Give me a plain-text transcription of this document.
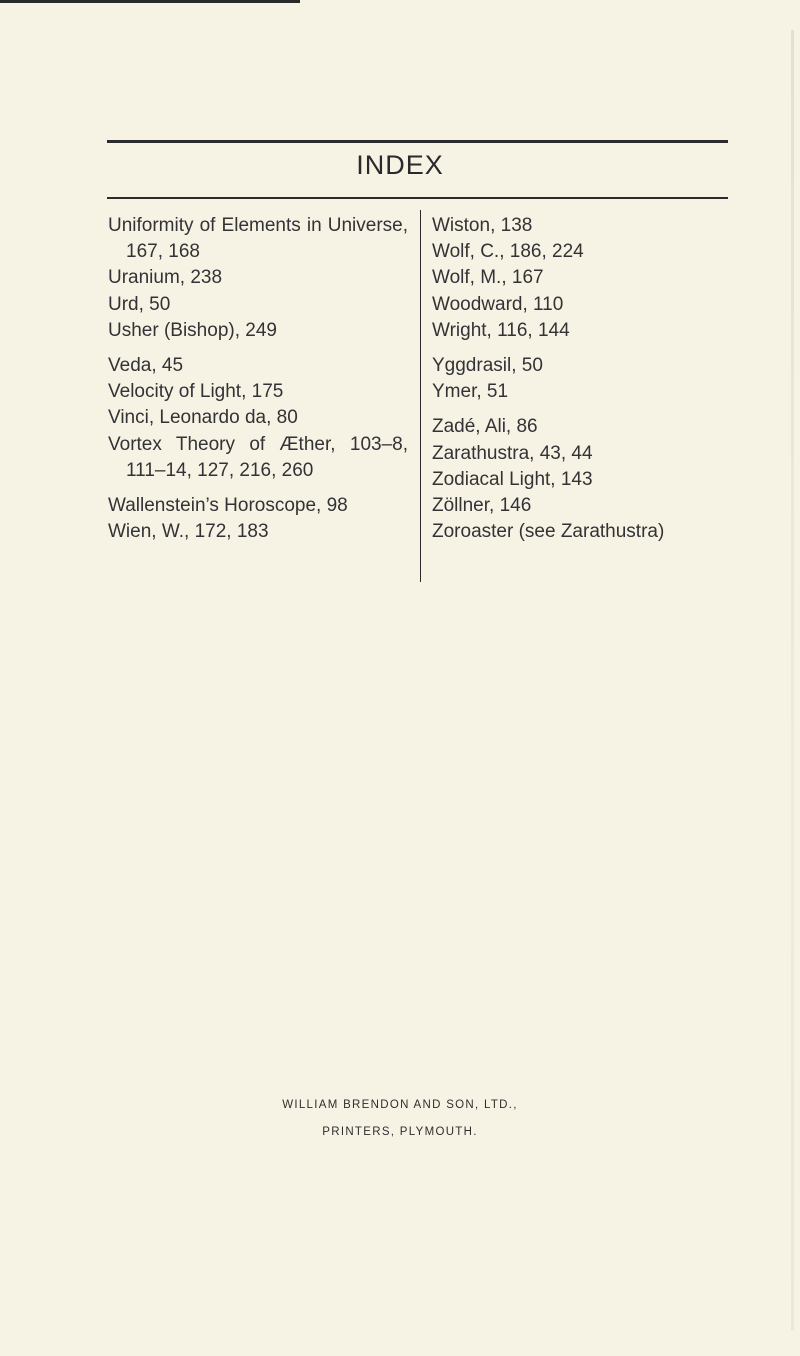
INDEX
Uniformity of Elements in Universe, 167, 168
Uranium, 238
Urd, 50
Usher (Bishop), 249
Veda, 45
Velocity of Light, 175
Vinci, Leonardo da, 80
Vortex Theory of Æther, 103–8, 111–14, 127, 216, 260
Wallenstein’s Horoscope, 98
Wien, W., 172, 183
Wiston, 138
Wolf, C., 186, 224
Wolf, M., 167
Woodward, 110
Wright, 116, 144
Yggdrasil, 50
Ymer, 51
Zadé, Ali, 86
Zarathustra, 43, 44
Zodiacal Light, 143
Zöllner, 146
Zoroaster (see Zarathustra)
WILLIAM BRENDON AND SON, LTD.,
PRINTERS, PLYMOUTH.
